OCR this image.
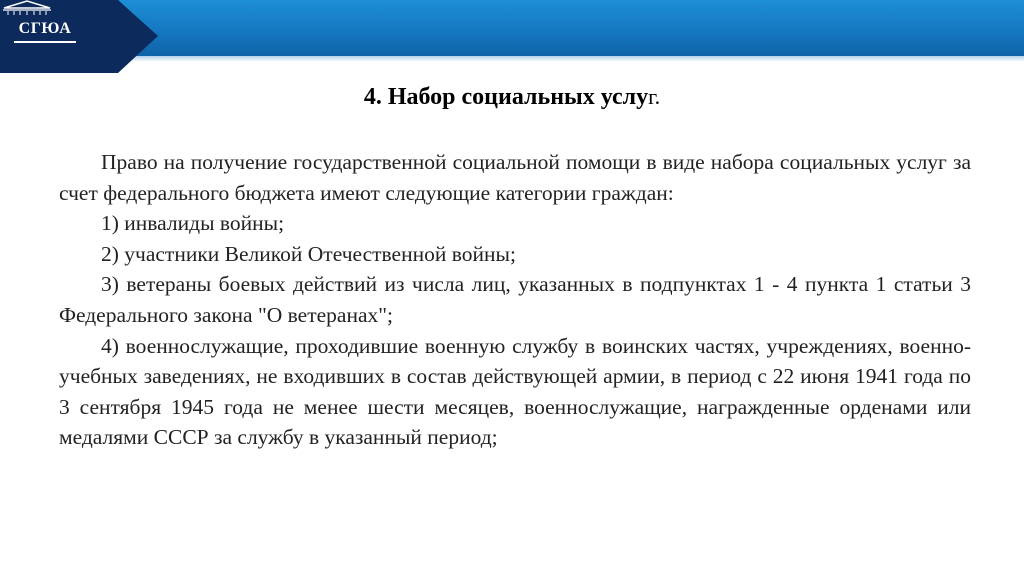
СГЮА
4. Набор социальных услуг.

Право на получение государственной социальной помощи в виде набора социальных услуг за счет федерального бюджета имеют следующие категории граждан:

1) инвалиды войны;

2) участники Великой Отечественной войны;

3) ветераны боевых действий из числа лиц, указанных в подпунктах 1 - 4 пункта 1 статьи 3 Федерального закона "О ветеранах";

4) военнослужащие, проходившие военную службу в воинских частях, учреждениях, военно-учебных заведениях, не входивших в состав действующей армии, в период с 22 июня 1941 года по 3 сентября 1945 года не менее шести месяцев, военнослужащие, награжденные орденами или медалями СССР за службу в указанный период;
